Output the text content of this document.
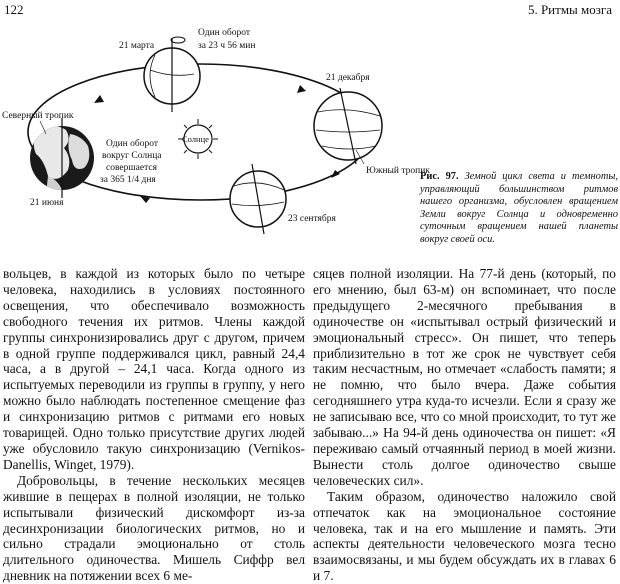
122	5. Ритмы мозга
Северный тропик
21 марта
Один оборот
за 23 ч 56 мин
21 декабря
Один оборот
вокруг Солнца
совершается
за 365 1/4 дня
Солнце
21 июня
Южный тропик
23 сентября
Рис. 97. Земной цикл света и темноты, управляющий большинством ритмов нашего организма, обусловлен вращением Земли вокруг Солнца и одновременно суточным вращением нашей планеты вокруг своей оси.

вольцев, в каждой из которых было по четыре человека, находились в условиях постоянного освещения, что обеспечивало возможность свободного течения их ритмов. Члены каждой группы синхронизировались друг с другом, причем в одной группе поддерживался цикл, равный 24,4 часа, а в другой – 24,1 часа. Когда одного из испытуемых переводили из группы в группу, у него можно было наблюдать постепенное смещение фаз и синхронизацию ритмов с ритмами его новых товарищей. Одно только присутствие других людей уже обусловило такую синхронизацию (Vernikos-Danellis, Winget, 1979).

Добровольцы, в течение нескольких месяцев жившие в пещерах в полной изоляции, не только испытывали физический дискомфорт из-за десинхронизации биологических ритмов, но и сильно страдали эмоционально от столь длительного одиночества. Мишель Сиффр вел дневник на потяжении всех 6 ме-

сяцев полной изоляции. На 77-й день (который, по его мнению, был 63-м) он вспоминает, что после предыдущего 2-месячного пребывания в одиночестве он «испытывал острый физический и эмоциональный стресс». Он пишет, что теперь приблизительно в тот же срок не чувствует себя таким несчастным, но отмечает «слабость памяти; я не помню, что было вчера. Даже события сегодняшнего утра куда-то исчезли. Если я сразу же не записываю все, что со мной происходит, то тут же забываю...» На 94-й день одиночества он пишет: «Я переживаю самый отчаянный период в моей жизни. Вынести столь долгое одиночество свыше человеческих сил».

Таким образом, одиночество наложило свой отпечаток как на эмоциональное состояние человека, так и на его мышление и память. Эти аспекты деятельности человеческого мозга тесно взаимосвязаны, и мы будем обсуждать их в главах 6 и 7.
